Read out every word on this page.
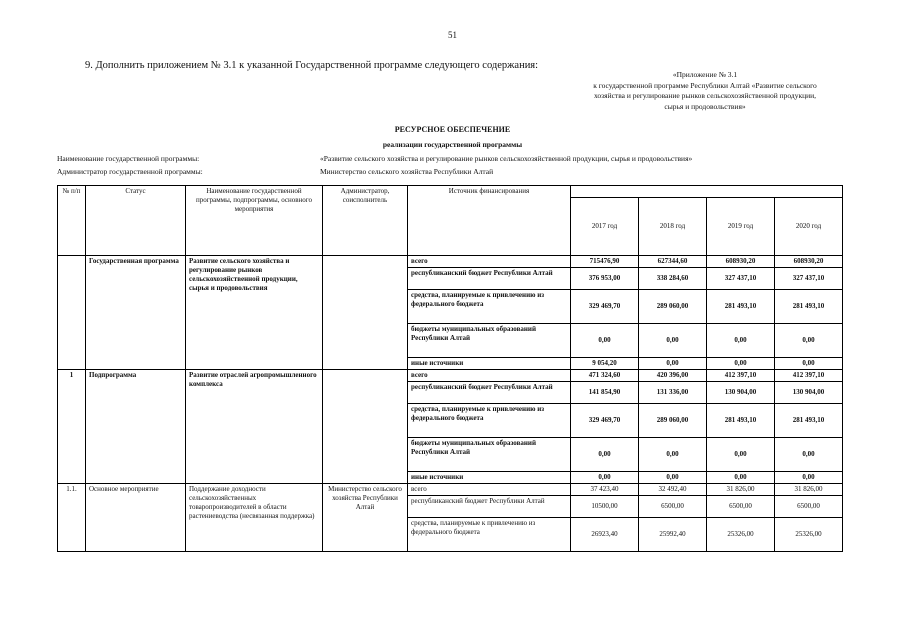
51
9. Дополнить приложением № 3.1 к указанной Государственной программе следующего содержания:
«Приложение № 3.1
к государственной программе Республики Алтай «Развитие сельского
хозяйства и регулирование рынков сельскохозяйственной продукции,
сырья и продовольствия»
РЕСУРСНОЕ ОБЕСПЕЧЕНИЕ
реализации государственной программы
Наименование государственной программы:	«Развитие сельского хозяйства и регулирование рынков сельскохозяйственной продукции, сырья и продовольствия»
Администратор государственной программы:	Министерство сельского хозяйства Республики Алтай
№ п/п	Статус	Наименование государственной программы, подпрограммы, основного мероприятия	Администратор, соисполнитель	Источник финансирования				
					2017 год	2018 год	2019 год	2020 год
	Государственная программа	Развитие сельского хозяйства и регулирование рынков сельскохозяйственной продукции, сырья и продовольствия		всего	715476,90	627344,60	608930,20	608930,20
				республиканский бюджет Республики Алтай	376 953,00	338 284,60	327 437,10	327 437,10
				средства, планируемые к привлечению из федерального бюджета	329 469,70	289 060,00	281 493,10	281 493,10
				бюджеты муниципальных образований Республики Алтай	0,00	0,00	0,00	0,00
				иные источники	9 054,20	0,00	0,00	0,00
1	Подпрограмма	Развитие отраслей агропромышленного комплекса		всего	471 324,60	420 396,00	412 397,10	412 397,10
				республиканский бюджет Республики Алтай	141 854,90	131 336,00	130 904,00	130 904,00
				средства, планируемые к привлечению из федерального бюджета	329 469,70	289 060,00	281 493,10	281 493,10
				бюджеты муниципальных образований Республики Алтай	0,00	0,00	0,00	0,00
				иные источники	0,00	0,00	0,00	0,00
1.1.	Основное мероприятие	Поддержание доходности сельскохозяйственных товаропроизводителей в области растениеводства (несвязанная поддержка)	Министерство сельского хозяйства Республики Алтай	всего	37 423,40	32 492,40	31 826,00	31 826,00
				республиканский бюджет Республики Алтай	10500,00	6500,00	6500,00	6500,00
				средства, планируемые к привлечению из федерального бюджета	26923,40	25992,40	25326,00	25326,00
